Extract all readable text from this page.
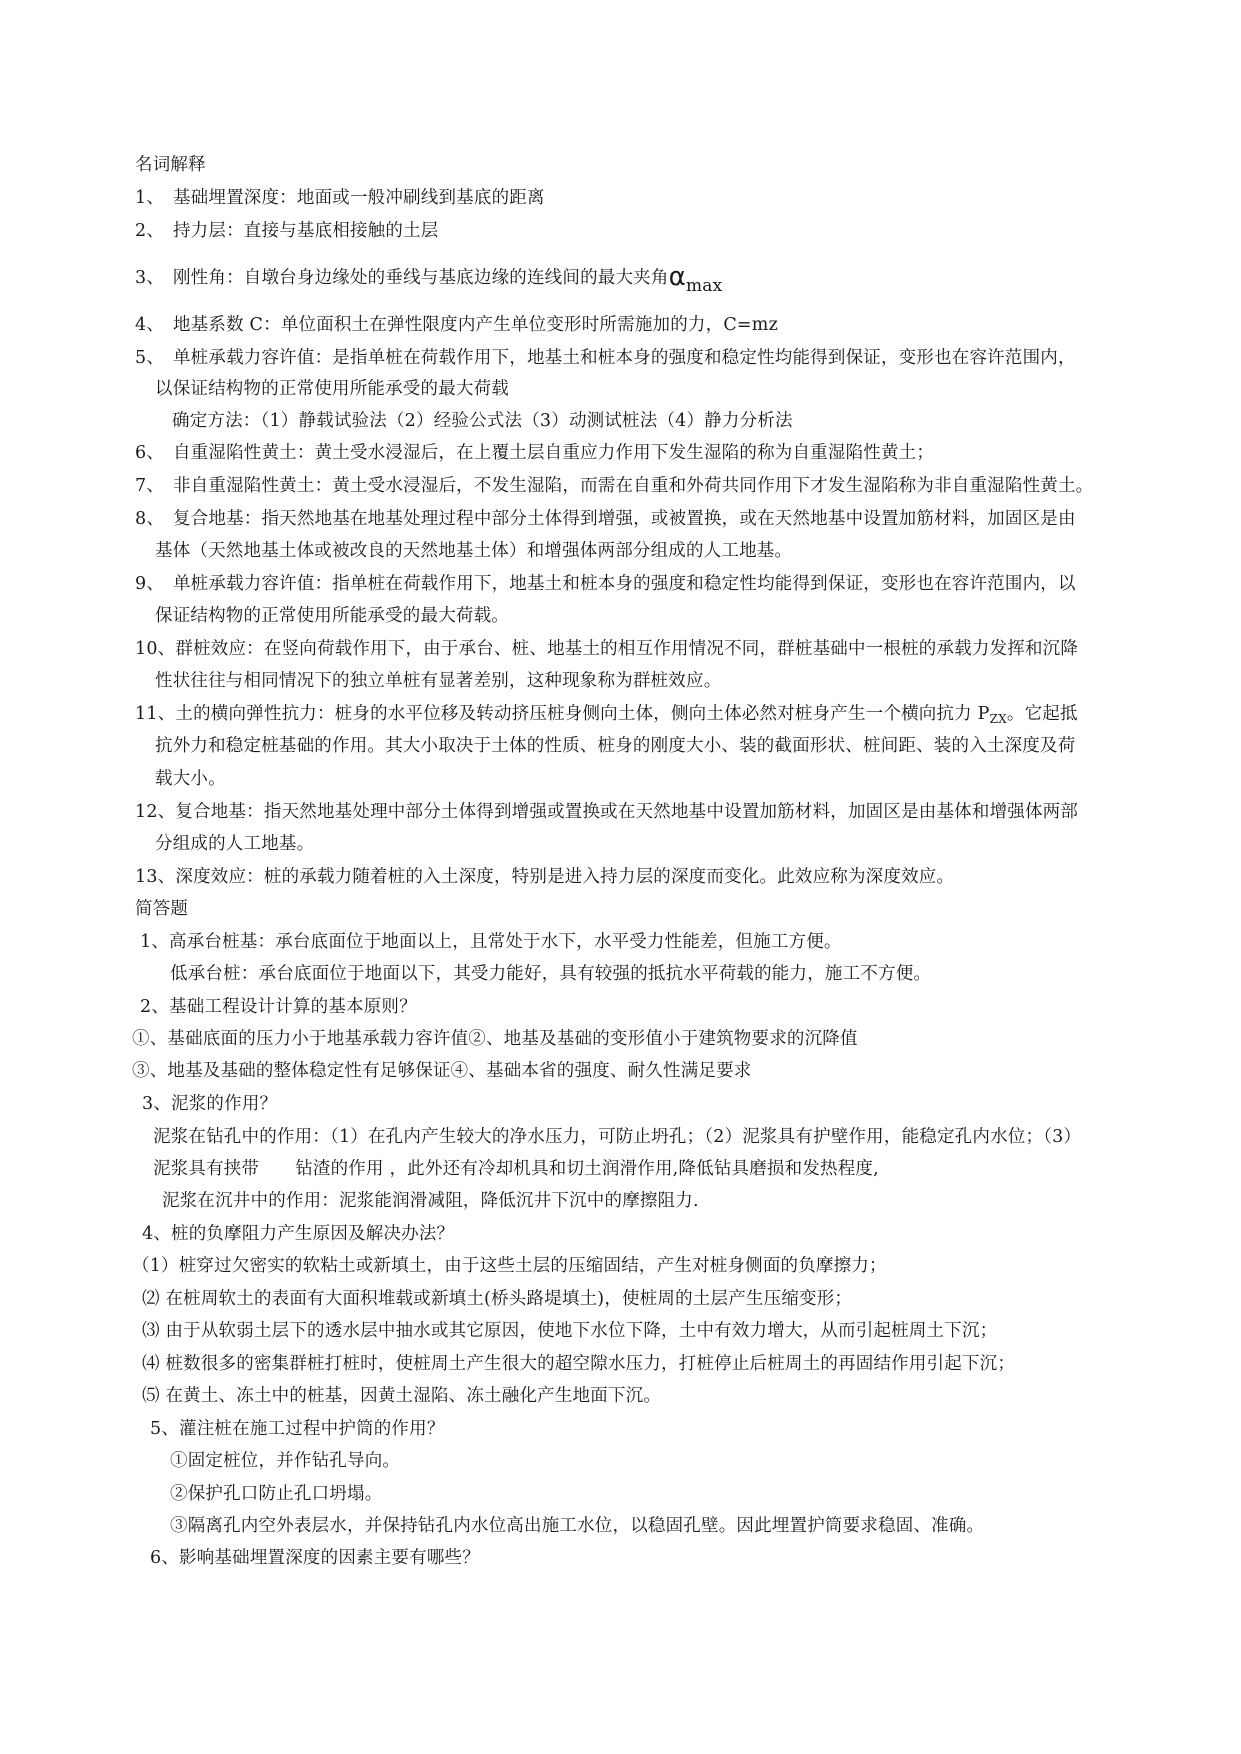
名词解释
1、　基础埋置深度：地面或一般冲刷线到基底的距离
2、　持力层：直接与基底相接触的土层
3、　刚性角：自墩台身边缘处的垂线与基底边缘的连线间的最大夹角αmax
4、　地基系数 C：单位面积土在弹性限度内产生单位变形时所需施加的力，C=mz
5、　单桩承载力容许值：是指单桩在荷载作用下，地基土和桩本身的强度和稳定性均能得到保证，变形也在容许范围内，
以保证结构物的正常使用所能承受的最大荷载
确定方法：（1）静载试验法（2）经验公式法（3）动测试桩法（4）静力分析法
6、　自重湿陷性黄土：黄土受水浸湿后，在上覆土层自重应力作用下发生湿陷的称为自重湿陷性黄土；
7、　非自重湿陷性黄土：黄土受水浸湿后，不发生湿陷，而需在自重和外荷共同作用下才发生湿陷称为非自重湿陷性黄土。
8、　复合地基：指天然地基在地基处理过程中部分土体得到增强，或被置换，或在天然地基中设置加筋材料，加固区是由
基体（天然地基土体或被改良的天然地基土体）和增强体两部分组成的人工地基。
9、　单桩承载力容许值：指单桩在荷载作用下，地基土和桩本身的强度和稳定性均能得到保证，变形也在容许范围内，以
保证结构物的正常使用所能承受的最大荷载。
10、群桩效应：在竖向荷载作用下，由于承台、桩、地基土的相互作用情况不同，群桩基础中一根桩的承载力发挥和沉降
性状往往与相同情况下的独立单桩有显著差别，这种现象称为群桩效应。
11、土的横向弹性抗力：桩身的水平位移及转动挤压桩身侧向土体，侧向土体必然对桩身产生一个横向抗力 $P_{ZX}$。它起抵
抗外力和稳定桩基础的作用。其大小取决于土体的性质、桩身的刚度大小、装的截面形状、桩间距、装的入土深度及荷
载大小。
12、复合地基：指天然地基处理中部分土体得到增强或置换或在天然地基中设置加筋材料，加固区是由基体和增强体两部
分组成的人工地基。
13、深度效应：桩的承载力随着桩的入土深度，特别是进入持力层的深度而变化。此效应称为深度效应。
简答题
1、高承台桩基：承台底面位于地面以上，且常处于水下，水平受力性能差，但施工方便。
低承台桩：承台底面位于地面以下，其受力能好，具有较强的抵抗水平荷载的能力，施工不方便。
2、基础工程设计计算的基本原则？
①、基础底面的压力小于地基承载力容许值②、地基及基础的变形值小于建筑物要求的沉降值
③、地基及基础的整体稳定性有足够保证④、基础本省的强度、耐久性满足要求
3、泥浆的作用？
泥浆在钻孔中的作用：（1）在孔内产生较大的净水压力，可防止坍孔；（2）泥浆具有护壁作用，能稳定孔内水位；（3）
泥浆具有挟带 钻渣的作用 ，此外还有冷却机具和切土润滑作用,降低钻具磨损和发热程度,
泥浆在沉井中的作用：泥浆能润滑减阻，降低沉井下沉中的摩擦阻力.
4、桩的负摩阻力产生原因及解决办法？
（1）桩穿过欠密实的软粘土或新填土，由于这些土层的压缩固结，产生对桩身侧面的负摩擦力；
⑵ 在桩周软土的表面有大面积堆载或新填土(桥头路堤填土)，使桩周的土层产生压缩变形；
⑶ 由于从软弱土层下的透水层中抽水或其它原因，使地下水位下降，土中有效力增大，从而引起桩周土下沉；
⑷ 桩数很多的密集群桩打桩时，使桩周土产生很大的超空隙水压力，打桩停止后桩周土的再固结作用引起下沉；
⑸ 在黄土、冻土中的桩基，因黄土湿陷、冻土融化产生地面下沉。
5、灌注桩在施工过程中护筒的作用？
①固定桩位，并作钻孔导向。
②保护孔口防止孔口坍塌。
③隔离孔内空外表层水，并保持钻孔内水位高出施工水位，以稳固孔壁。因此埋置护筒要求稳固、准确。
6、影响基础埋置深度的因素主要有哪些？
